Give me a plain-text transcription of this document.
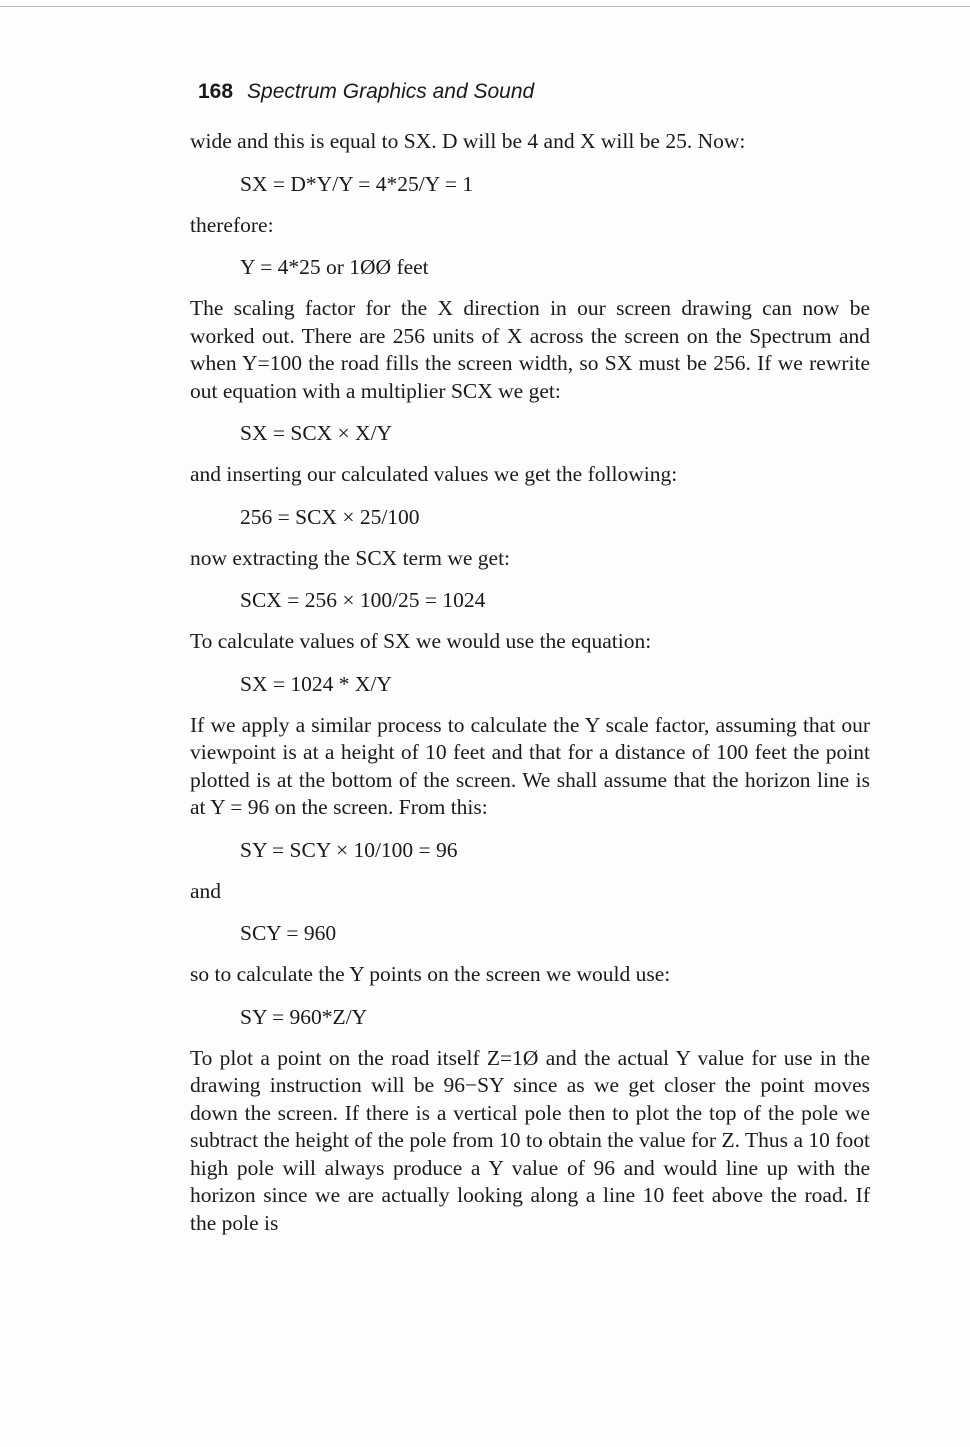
168 Spectrum Graphics and Sound
wide and this is equal to SX. D will be 4 and X will be 25. Now:
SX = D*Y/Y = 4*25/Y = 1
therefore:
Y = 4*25 or 1ØØ feet
The scaling factor for the X direction in our screen drawing can now be worked out. There are 256 units of X across the screen on the Spectrum and when Y=100 the road fills the screen width, so SX must be 256. If we rewrite out equation with a multiplier SCX we get:
SX = SCX × X/Y
and inserting our calculated values we get the following:
256 = SCX × 25/100
now extracting the SCX term we get:
SCX = 256 × 100/25 = 1024
To calculate values of SX we would use the equation:
SX = 1024 * X/Y
If we apply a similar process to calculate the Y scale factor, assuming that our viewpoint is at a height of 10 feet and that for a distance of 100 feet the point plotted is at the bottom of the screen. We shall assume that the horizon line is at Y = 96 on the screen. From this:
SY = SCY × 10/100 = 96
and
SCY = 960
so to calculate the Y points on the screen we would use:
SY = 960*Z/Y
To plot a point on the road itself Z=1Ø and the actual Y value for use in the drawing instruction will be 96−SY since as we get closer the point moves down the screen. If there is a vertical pole then to plot the top of the pole we subtract the height of the pole from 10 to obtain the value for Z. Thus a 10 foot high pole will always produce a Y value of 96 and would line up with the horizon since we are actually looking along a line 10 feet above the road. If the pole is
